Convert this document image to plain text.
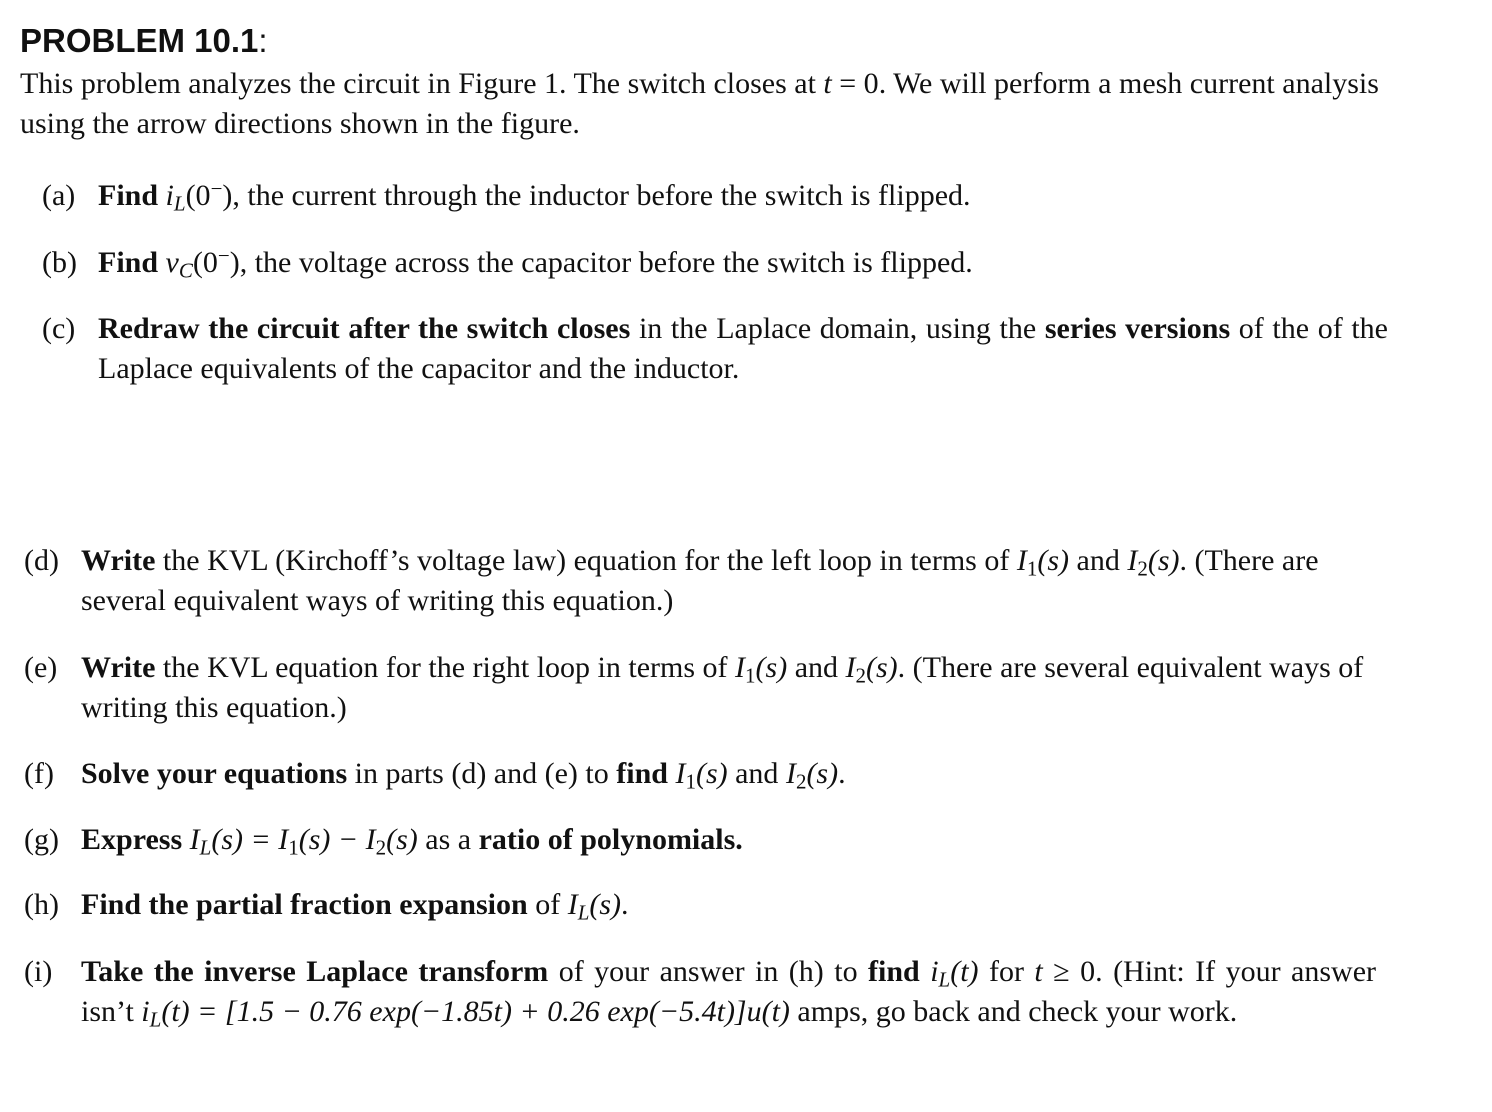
PROBLEM 10.1:
This problem analyzes the circuit in Figure 1. The switch closes at t = 0. We will perform a mesh current analysis using the arrow directions shown in the figure.
(a) Find $i_L(0^-)$, the current through the inductor before the switch is flipped.
(b) Find $v_C(0^-)$, the voltage across the capacitor before the switch is flipped.
(c) Redraw the circuit after the switch closes in the Laplace domain, using the series versions of the of the Laplace equivalents of the capacitor and the inductor.
(d) Write the KVL (Kirchoff’s voltage law) equation for the left loop in terms of $I_1(s)$ and $I_2(s)$. (There are several equivalent ways of writing this equation.)
(e) Write the KVL equation for the right loop in terms of $I_1(s)$ and $I_2(s)$. (There are several equivalent ways of writing this equation.)
(f) Solve your equations in parts (d) and (e) to find $I_1(s)$ and $I_2(s)$.
(g) Express $I_L(s) = I_1(s) - I_2(s)$ as a ratio of polynomials.
(h) Find the partial fraction expansion of $I_L(s)$.
(i) Take the inverse Laplace transform of your answer in (h) to find $i_L(t)$ for t ≥ 0. (Hint: If your answer isn’t $i_L(t) = [1.5 - 0.76$ exp(−1.85t) + 0.26 exp(−5.4t)]u(t) amps, go back and check your work.
